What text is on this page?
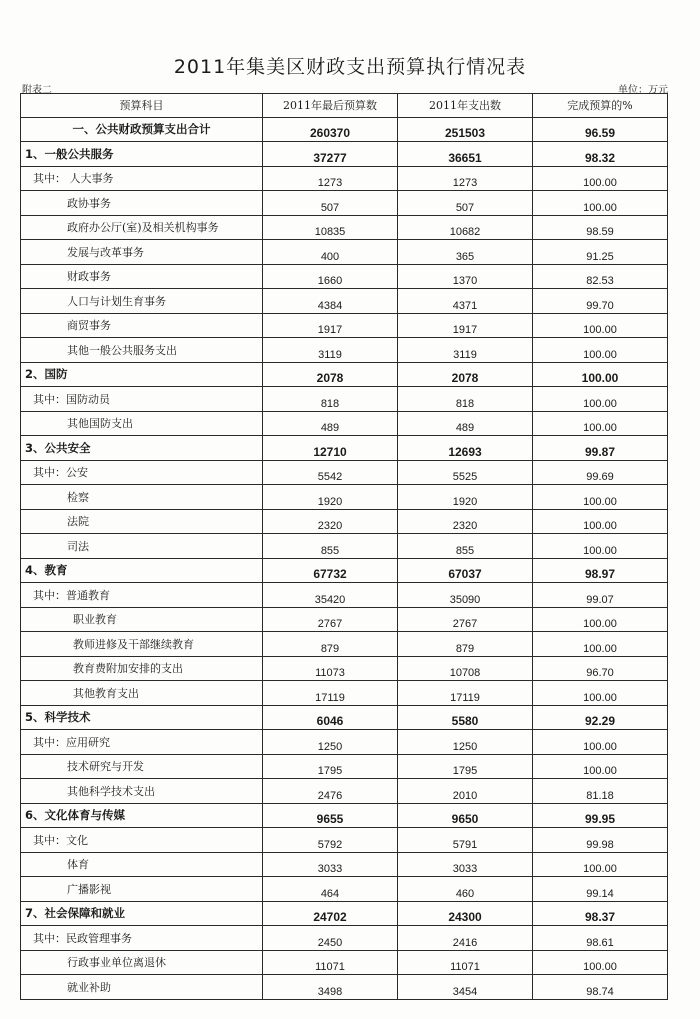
2011年集美区财政支出预算执行情况表
附表二	单位：万元
预算科目	2011年最后预算数	2011年支出数	完成预算的%
一、公共财政预算支出合计	260370	251503	96.59
1、一般公共服务	37277	36651	98.32
其中： 人大事务	1273	1273	100.00
政协事务	507	507	100.00
政府办公厅(室)及相关机构事务	10835	10682	98.59
发展与改革事务	400	365	91.25
财政事务	1660	1370	82.53
人口与计划生育事务	4384	4371	99.70
商贸事务	1917	1917	100.00
其他一般公共服务支出	3119	3119	100.00
2、国防	2078	2078	100.00
其中：国防动员	818	818	100.00
其他国防支出	489	489	100.00
3、公共安全	12710	12693	99.87
其中：公安	5542	5525	99.69
检察	1920	1920	100.00
法院	2320	2320	100.00
司法	855	855	100.00
4、教育	67732	67037	98.97
其中：普通教育	35420	35090	99.07
职业教育	2767	2767	100.00
教师进修及干部继续教育	879	879	100.00
教育费附加安排的支出	11073	10708	96.70
其他教育支出	17119	17119	100.00
5、科学技术	6046	5580	92.29
其中：应用研究	1250	1250	100.00
技术研究与开发	1795	1795	100.00
其他科学技术支出	2476	2010	81.18
6、文化体育与传媒	9655	9650	99.95
其中：文化	5792	5791	99.98
体育	3033	3033	100.00
广播影视	464	460	99.14
7、社会保障和就业	24702	24300	98.37
其中：民政管理事务	2450	2416	98.61
行政事业单位离退休	11071	11071	100.00
就业补助	3498	3454	98.74
